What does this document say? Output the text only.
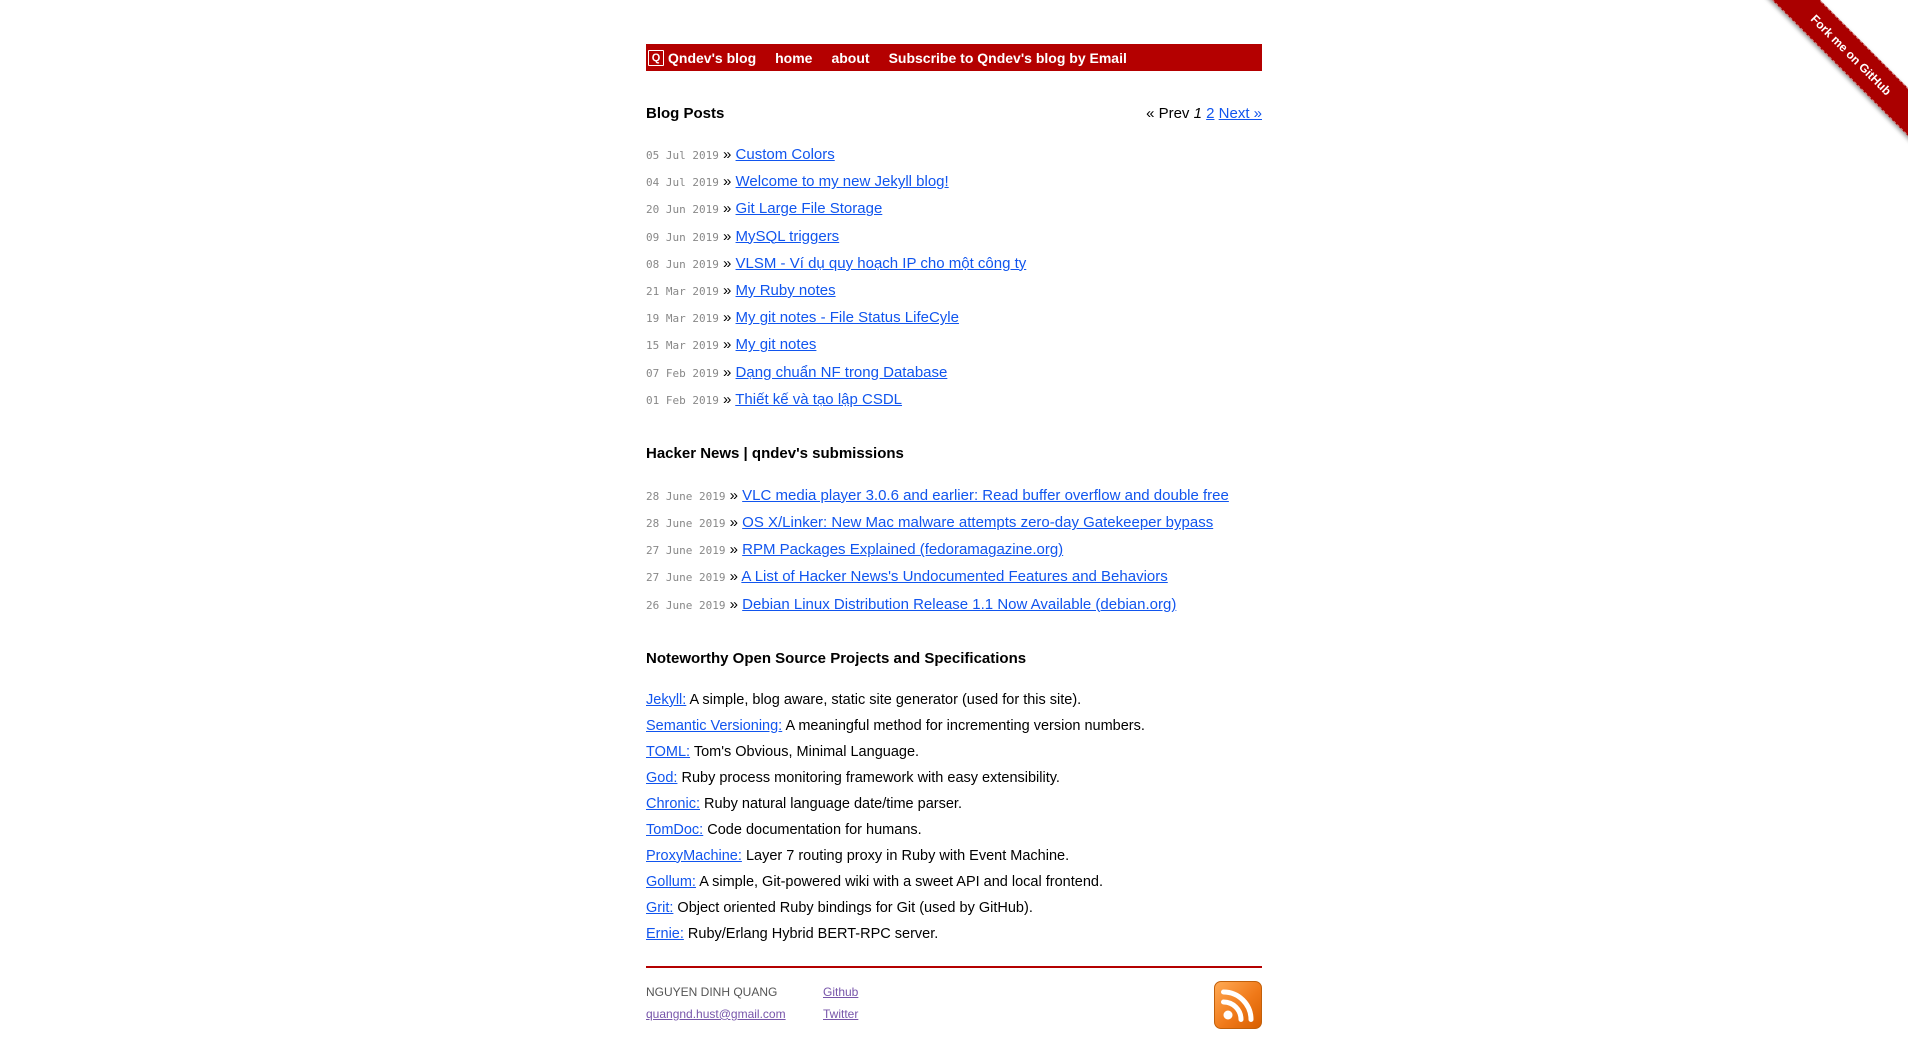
Fork me on GitHub
Q Qndev's blog home about Subscribe to Qndev's blog by Email
Blog Posts	« Prev 1 2 Next »
05 Jul 2019 » Custom Colors
04 Jul 2019 » Welcome to my new Jekyll blog!
20 Jun 2019 » Git Large File Storage
09 Jun 2019 » MySQL triggers
08 Jun 2019 » VLSM - Ví dụ quy hoạch IP cho một công ty
21 Mar 2019 » My Ruby notes
19 Mar 2019 » My git notes - File Status LifeCyle
15 Mar 2019 » My git notes
07 Feb 2019 » Dạng chuẩn NF trong Database
01 Feb 2019 » Thiết kế và tạo lập CSDL
Hacker News | qndev's submissions
28 June 2019 » VLC media player 3.0.6 and earlier: Read buffer overflow and double free
28 June 2019 » OS X/Linker: New Mac malware attempts zero-day Gatekeeper bypass
27 June 2019 » RPM Packages Explained (fedoramagazine.org)
27 June 2019 » A List of Hacker News's Undocumented Features and Behaviors
26 June 2019 » Debian Linux Distribution Release 1.1 Now Available (debian.org)
Noteworthy Open Source Projects and Specifications
Jekyll: A simple, blog aware, static site generator (used for this site).
Semantic Versioning: A meaningful method for incrementing version numbers.
TOML: Tom's Obvious, Minimal Language.
God: Ruby process monitoring framework with easy extensibility.
Chronic: Ruby natural language date/time parser.
TomDoc: Code documentation for humans.
ProxyMachine: Layer 7 routing proxy in Ruby with Event Machine.
Gollum: A simple, Git-powered wiki with a sweet API and local frontend.
Grit: Object oriented Ruby bindings for Git (used by GitHub).
Ernie: Ruby/Erlang Hybrid BERT-RPC server.
NGUYEN DINH QUANG
quangnd.hust@gmail.com
Github
Twitter
